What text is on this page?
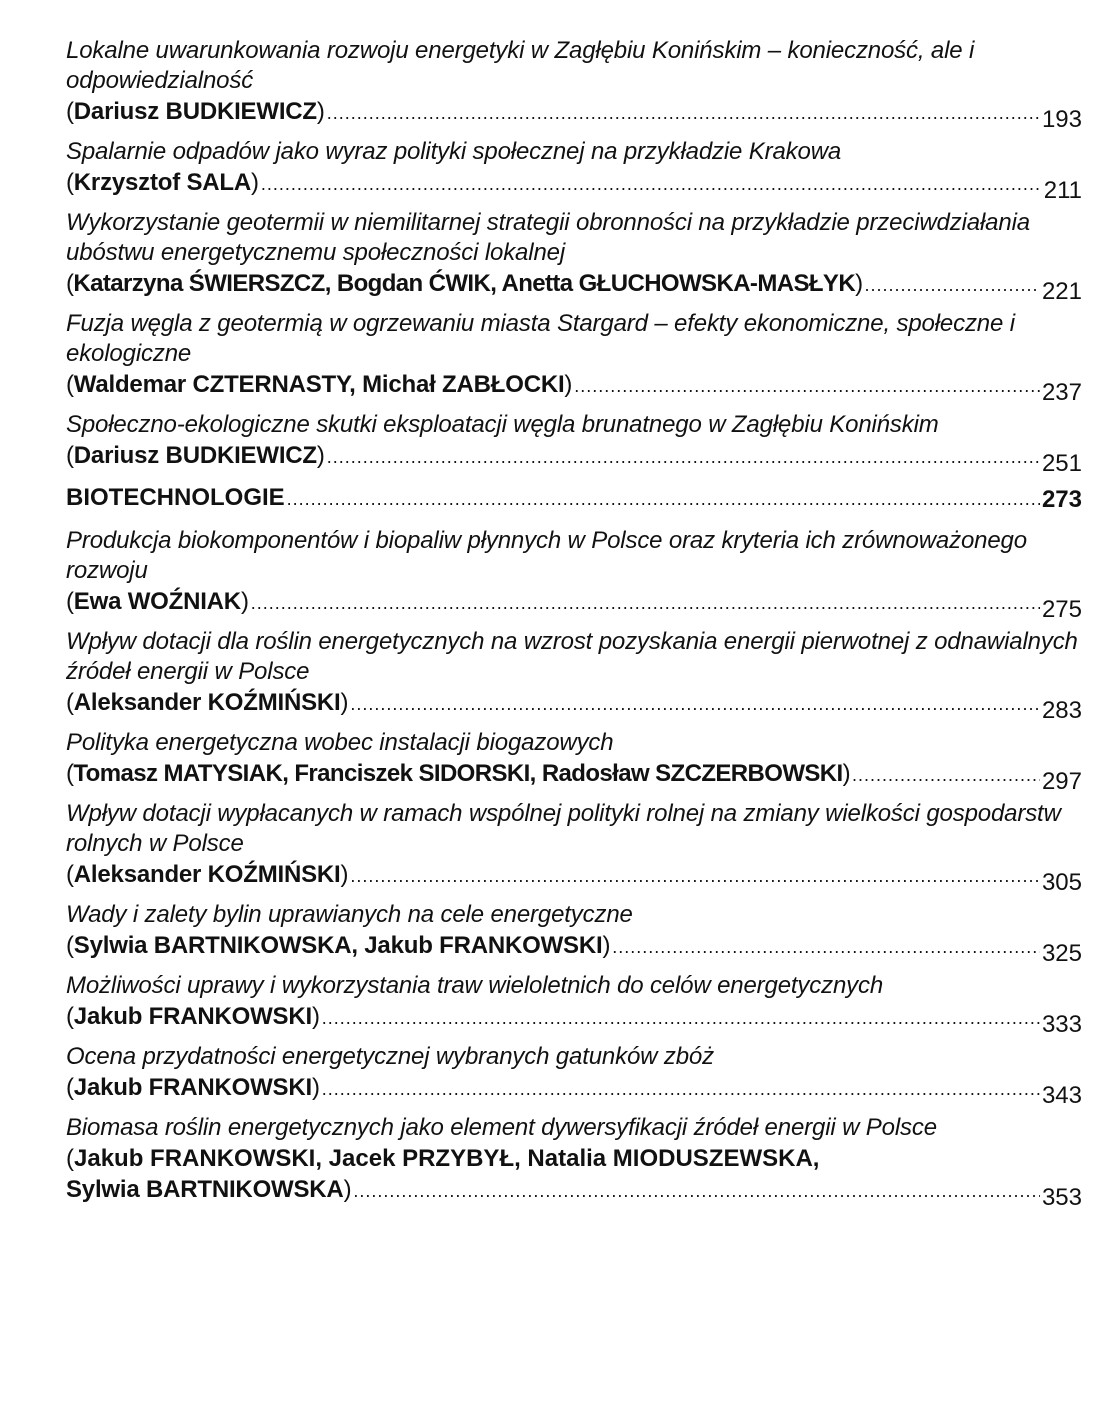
Lokalne uwarunkowania rozwoju energetyki w Zagłębiu Konińskim – konieczność, ale i odpowiedzialność
(Dariusz BUDKIEWICZ) .....	193
Spalarnie odpadów jako wyraz polityki społecznej na przykładzie Krakowa
(Krzysztof SALA) .....	211
Wykorzystanie geotermii w niemilitarnej strategii obronności na przykładzie przeciwdziałania ubóstwu energetycznemu społeczności lokalnej
(Katarzyna ŚWIERSZCZ, Bogdan ĆWIK, Anetta GŁUCHOWSKA-MASŁYK) .....	221
Fuzja węgla z geotermią w ogrzewaniu miasta Stargard – efekty ekonomiczne, społeczne i ekologiczne
(Waldemar CZTERNASTY, Michał ZABŁOCKI) .....	237
Społeczno-ekologiczne skutki eksploatacji węgla brunatnego w Zagłębiu Konińskim
(Dariusz BUDKIEWICZ) .....	251
BIOTECHNOLOGIE .....	273
Produkcja biokomponentów i biopaliw płynnych w Polsce oraz kryteria ich zrównoważonego rozwoju
(Ewa WOŹNIAK) .....	275
Wpływ dotacji dla roślin energetycznych na wzrost pozyskania energii pierwotnej z odnawialnych źródeł energii w Polsce
(Aleksander KOŹMIŃSKI) .....	283
Polityka energetyczna wobec instalacji biogazowych
(Tomasz MATYSIAK, Franciszek SIDORSKI, Radosław SZCZERBOWSKI) .....	297
Wpływ dotacji wypłacanych w ramach wspólnej polityki rolnej na zmiany wielkości gospodarstw rolnych w Polsce
(Aleksander KOŹMIŃSKI) .....	305
Wady i zalety bylin uprawianych na cele energetyczne
(Sylwia BARTNIKOWSKA, Jakub FRANKOWSKI) .....	325
Możliwości uprawy i wykorzystania traw wieloletnich do celów energetycznych
(Jakub FRANKOWSKI) .....	333
Ocena przydatności energetycznej wybranych gatunków zbóż
(Jakub FRANKOWSKI) .....	343
Biomasa roślin energetycznych jako element dywersyfikacji źródeł energii w Polsce
(Jakub FRANKOWSKI, Jacek PRZYBYŁ, Natalia MIODUSZEWSKA,
Sylwia BARTNIKOWSKA) .....	353
